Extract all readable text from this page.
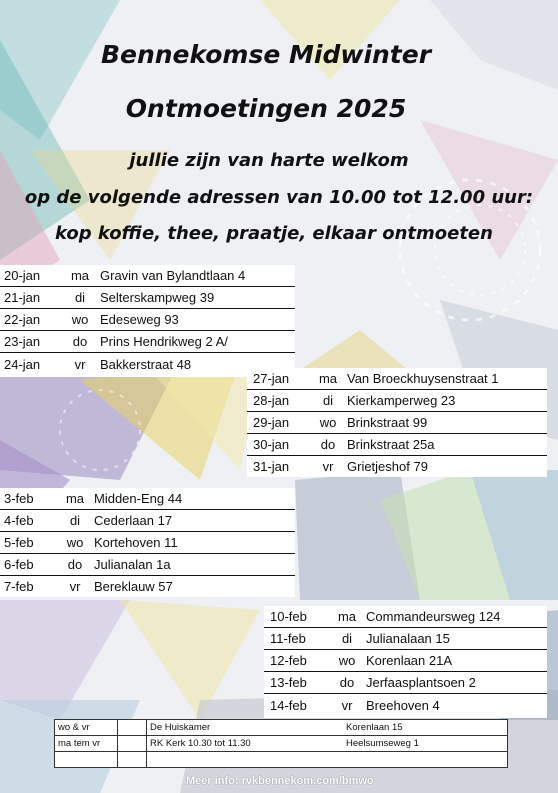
Bennekomse Midwinter
Ontmoetingen 2025
jullie zijn van harte welkom
op de volgende adressen van 10.00 tot 12.00 uur:
kop koffie, thee, praatje, elkaar ontmoeten
20-jan	ma	Gravin van Bylandtlaan 4
21-jan	di	Selterskampweg 39
22-jan	wo	Edeseweg 93
23-jan	do	Prins Hendrikweg 2 A/
24-jan	vr	Bakkerstraat 48
27-jan	ma	Van Broeckhuysenstraat 1
28-jan	di	Kierkamperweg 23
29-jan	wo	Brinkstraat 99
30-jan	do	Brinkstraat 25a
31-jan	vr	Grietjeshof 79
3-feb	ma	Midden-Eng 44
4-feb	di	Cederlaan 17
5-feb	wo	Kortehoven 11
6-feb	do	Julianalan 1a
7-feb	vr	Bereklauw 57
10-feb	ma	Commandeursweg 124
11-feb	di	Julianalaan 15
12-feb	wo	Korenlaan 21A
13-feb	do	Jerfaasplantsoen 2
14-feb	vr	Breehoven 4
wo & vr		De Huiskamer	Korenlaan 15
ma tem vr		RK Kerk 10.30 tot 11.30	Heelsumseweg 1

Meer info: rvkbennekom.com/bmwo
